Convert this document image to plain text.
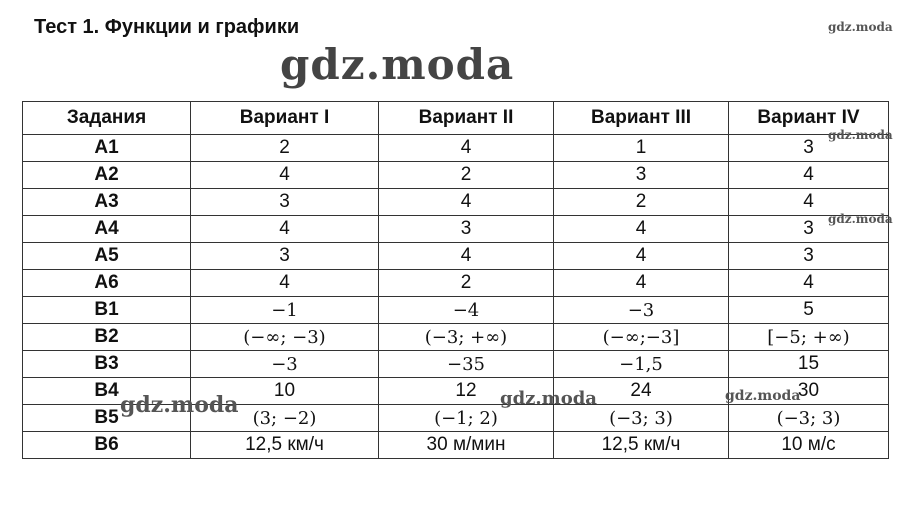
Тест 1. Функции и графики
gdz.moda
gdz.moda
Задания	Вариант I	Вариант II	Вариант III	Вариант IV
А1	2	4	1	3
А2	4	2	3	4
А3	3	4	2	4
А4	4	3	4	3
А5	3	4	4	3
А6	4	2	4	4
В1	−1	−4	−3	5
В2	(−∞; −3)	(−3; +∞)	(−∞;−3]	[−5; +∞)
В3	−3	−35	−1,5	15
В4	10	12	24	30
В5	(3; −2)	(−1; 2)	(−3; 3)	(−3; 3)
В6	12,5 км/ч	30 м/мин	12,5 км/ч	10 м/с
gdz.moda
gdz.moda
gdz.moda	gdz.moda	gdz.moda
